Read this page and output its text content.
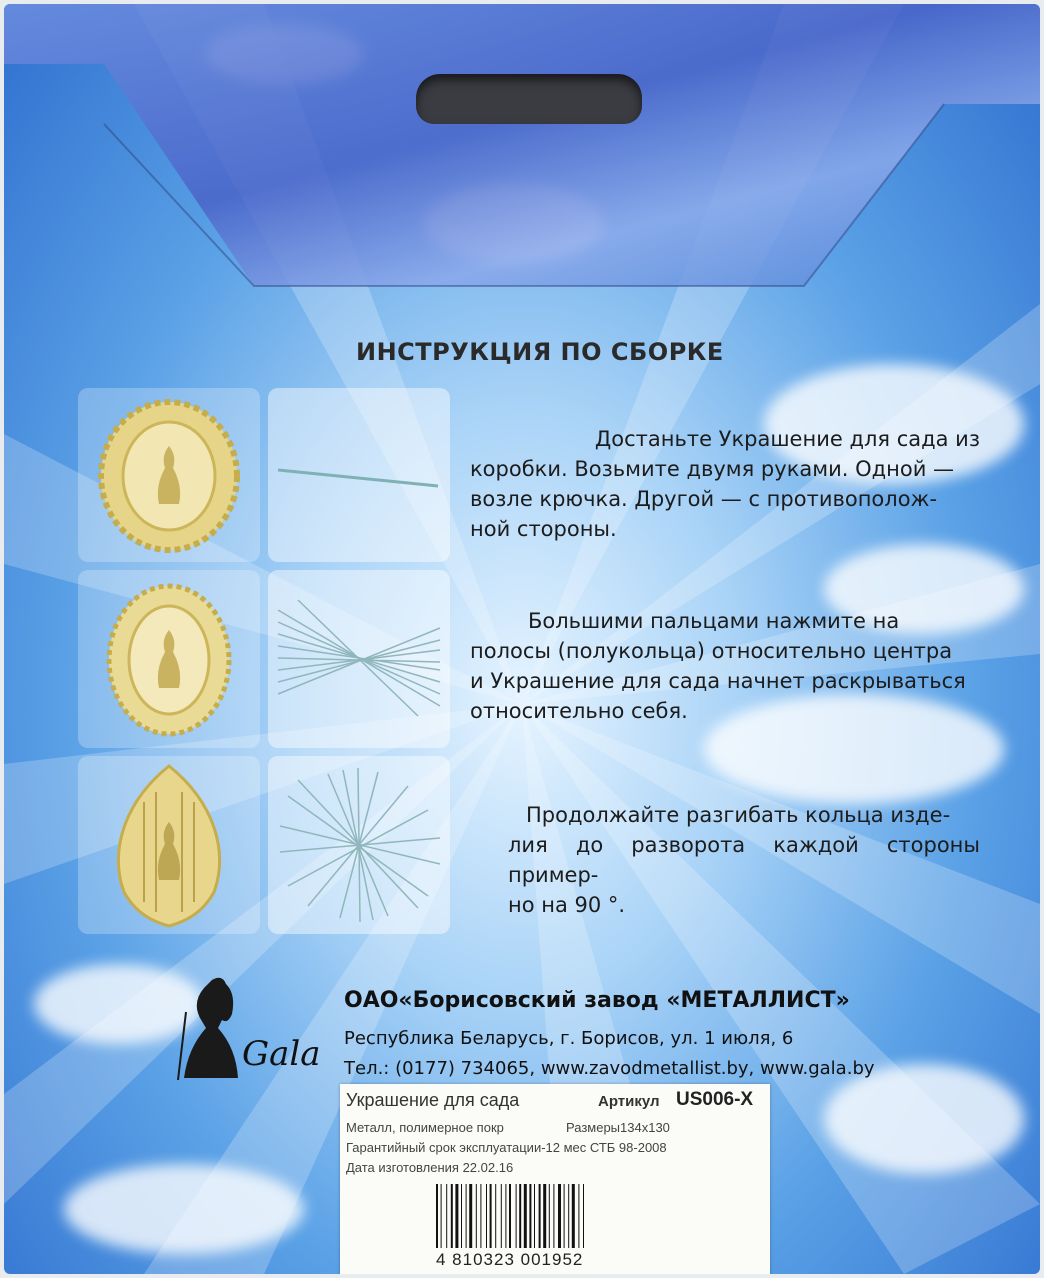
ИНСТРУКЦИЯ ПО СБОРКЕ
Достаньте Украшение для сада из
коробки. Возьмите двумя руками. Одной —
возле крючка. Другой — с противополож-
ной стороны.
Большими пальцами нажмите на
полосы (полукольца) относительно центра
и Украшение для сада начнет раскрываться
относительно себя.
Продолжайте разгибать кольца изде-
лия до разворота каждой стороны пример-
но на 90 °.
Gala
ОАО«Борисовский завод «МЕТАЛЛИСТ»
Республика Беларусь, г. Борисов, ул. 1 июля, 6
Тел.: (0177) 734065, www.zavodmetallist.by, www.gala.by
Украшение для сада	Артикул US006-X
Металл, полимерное покр	Размеры134х130
Гарантийный срок эксплуатации-12 мес СТБ 98-2008
Дата изготовления 22.02.16
4 810323 001952
